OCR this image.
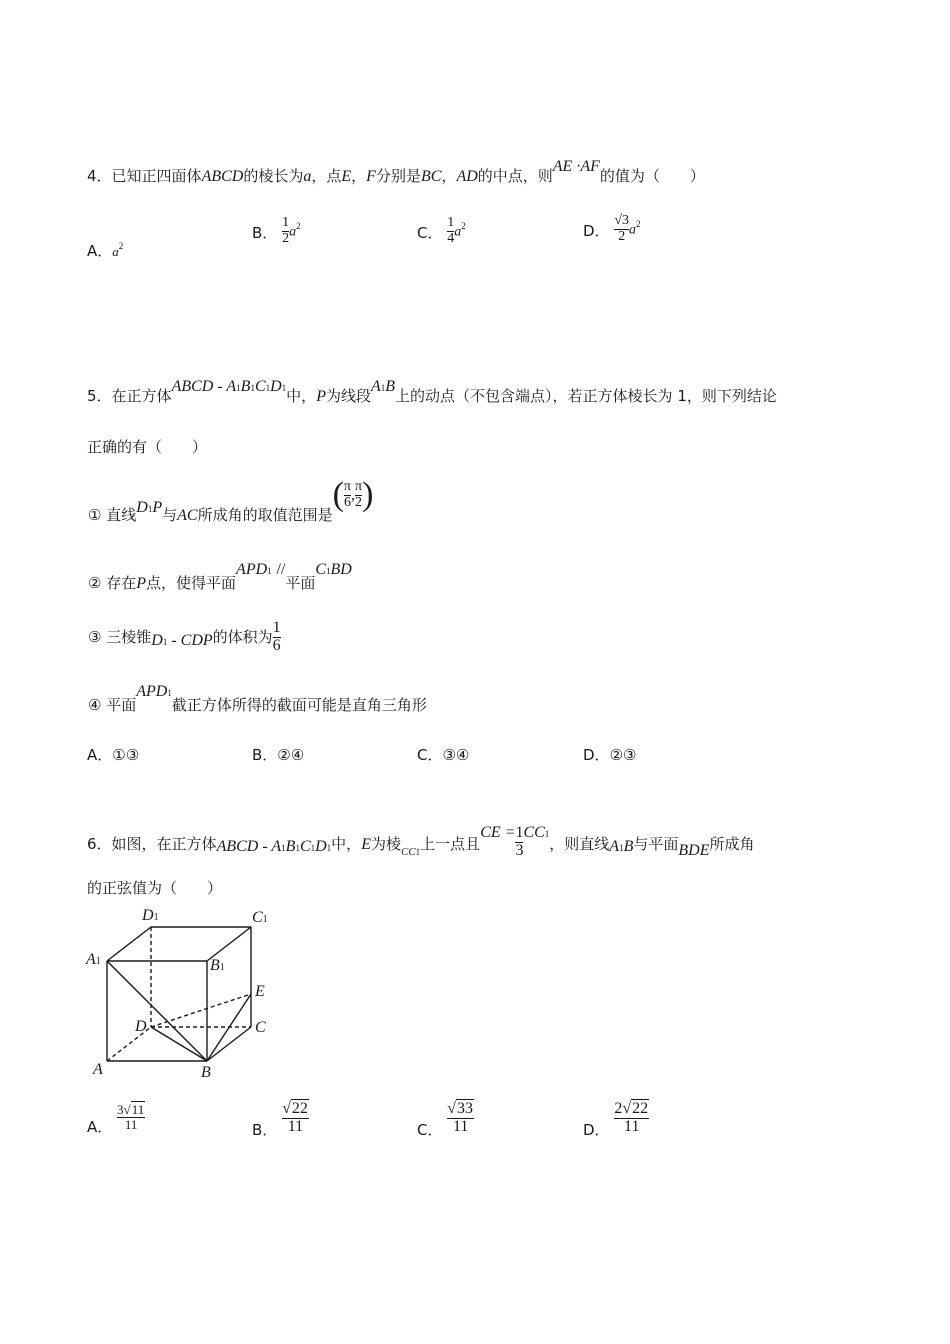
4．已知正四面体ABCD的棱长为a，点E，F分别是BC，AD的中点，则AE ·AF的值为（　　）
A．$a^2$
B． $\frac{1}{2} a^2$	C． $\frac{1}{4} a^2$	D． $\frac{√3}{2} a^2$
5．在正方体ABCD - A1B1C1D1中，P为线段A1B上的动点（不包含端点），若正方体棱长为 1，则下列结论
正确的有（　　）
① 直线D1P与AC所成角的取值范围是( $\frac{\pi}{6}$ , $\frac{\pi}{2}$ )
② 存在P点，使得平面APD1 //平面C1BD
③ 三棱锥D1 - CDP的体积为 $\frac{1}{6}$
④ 平面APD1截正方体所得的截面可能是直角三角形
A．①③	B．②④	C．③④	D．②③
6．如图，在正方体ABCD - A1B1C1D1中，E为棱CC1上一点且CE = $\frac{1}{3} CC1$，则直线A1B与平面BDE所成角
的正弦值为（　　）
D1	C1
A1	B1
E
D	C
A	B
A． $\frac{3√11}{11}$	B． $\frac{√22}{11}$	C． $\frac{√33}{11}$	D． $\frac{2√22}{11}$
